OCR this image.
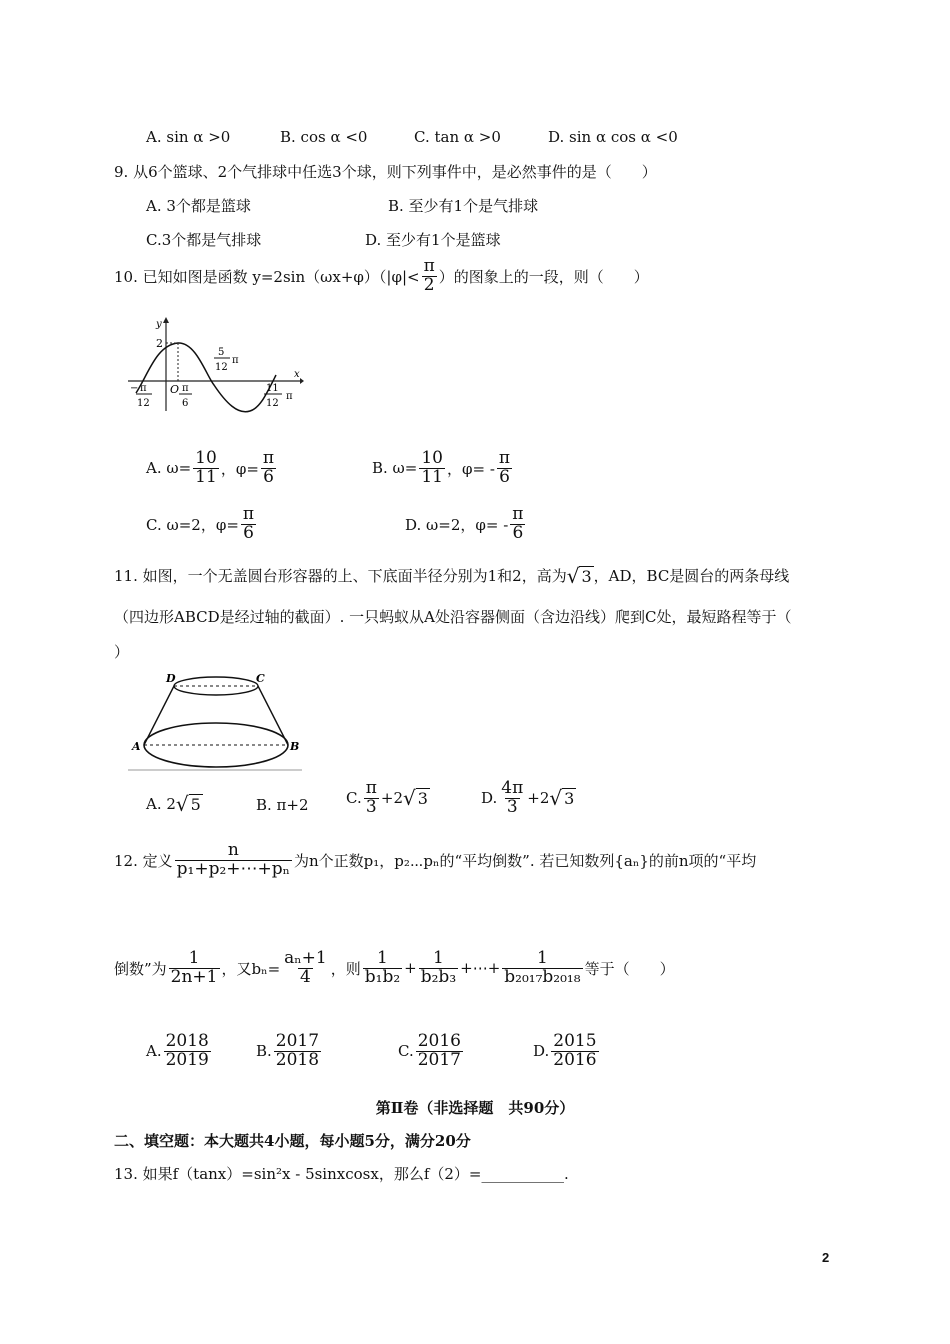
A. sin α >0	B. cos α <0	C. tan α >0	D. sin α cos α <0
9. 从6个篮球、2个气排球中任选3个球，则下列事件中，是必然事件的是（　　）
A. 3个都是篮球	B. 至少有1个是气排球
C.3个都是气排球	D. 至少有1个是篮球
10. 已知如图是函数 $y=2\sin(\omega x+\varphi)(|\varphi|< \frac{\pi}{2}$ ）的图象上的一段，则（　　）
y
x
2
O
− π
12
π
6
5
12
π
11
12
π
A. $\omega= \frac{10}{11}$ ，$\varphi= \frac{\pi}{6}$	B. $\omega= \frac{10}{11}$ ，$\varphi= - \frac{\pi}{6}$
C. ω=2，$\varphi= \frac{\pi}{6}$	D. ω=2，$\varphi= - \frac{\pi}{6}$
11. 如图，一个无盖圆台形容器的上、下底面半径分别为1和2，高为 √ 3 ，AD，BC是圆台的两条母线
（四边形ABCD是经过轴的截面）. 一只蚂蚁从A处沿容器侧面（含边沿线）爬到C处，最短路程等于（
）
D	C
A	B
A. 2 √ 5	B. π+2 C. $\frac{\pi}{3} +2$ √ 3	D. $\frac{4\pi}{3} +2$ √ 3
12. 定义 $\frac{n}{\text{p₁+p₂+⋯+pₙ}}$ 为n个正数p₁，p₂⋯pₙ的“平均倒数”. 若已知数列{aₙ}的前n项的“平均
倒数”为 $\frac{1}{2n+1}$ ，又$b_n= \frac{\text{aₙ+1}}{4}$ ，则 $\frac{1}{\text{b₁b₂}} + \frac{1}{\text{b₂b₃}}$ +⋯+ $\frac{1}{\text{b₂₀₁₇b₂₀₁₈}}$ 等于（　　）
A. $\frac{2018}{2019}$	B. $\frac{2017}{2018}$	C. $\frac{2016}{2017}$	D. $\frac{2015}{2016}$
第Ⅱ卷（非选择题　共90分）
二、填空题：本大题共4小题，每小题5分，满分20分
13. 如果f（tanx）=sin²x - 5sinxcosx，那么f（2）=___________.
2
